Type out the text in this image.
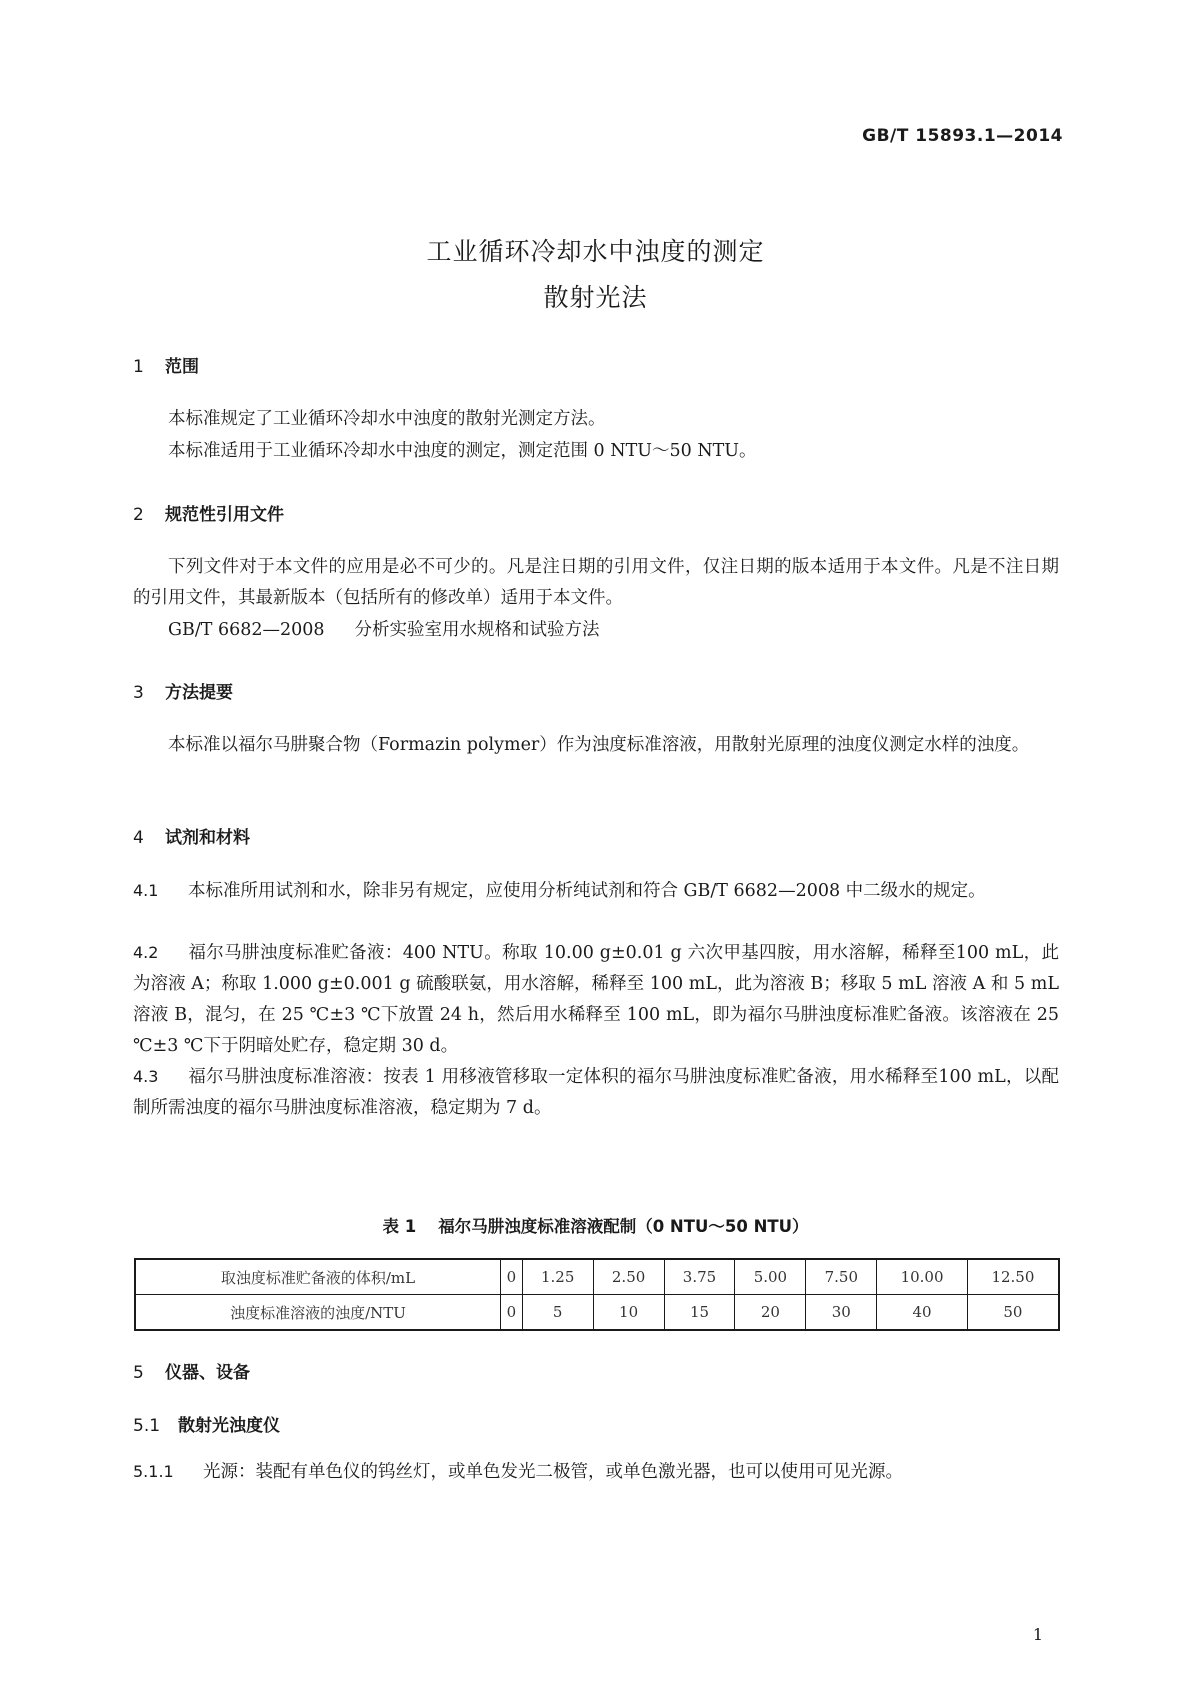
GB/T 15893.1—2014
工业循环冷却水中浊度的测定
散射光法
1 范围
本标准规定了工业循环冷却水中浊度的散射光测定方法。
本标准适用于工业循环冷却水中浊度的测定，测定范围 0 NTU～50 NTU。
2 规范性引用文件
下列文件对于本文件的应用是必不可少的。凡是注日期的引用文件，仅注日期的版本适用于本文件。凡是不注日期的引用文件，其最新版本（包括所有的修改单）适用于本文件。
GB/T 6682—2008 分析实验室用水规格和试验方法
3 方法提要
本标准以福尔马肼聚合物（Formazin polymer）作为浊度标准溶液，用散射光原理的浊度仪测定水样的浊度。
4 试剂和材料
4.1 本标准所用试剂和水，除非另有规定，应使用分析纯试剂和符合 GB/T 6682—2008 中二级水的规定。
4.2 福尔马肼浊度标准贮备液：400 NTU。称取 10.00 g±0.01 g 六次甲基四胺，用水溶解，稀释至100 mL，此为溶液 A；称取 1.000 g±0.001 g 硫酸联氨，用水溶解，稀释至 100 mL，此为溶液 B；移取 5 mL 溶液 A 和 5 mL 溶液 B，混匀，在 25 ℃±3 ℃下放置 24 h，然后用水稀释至 100 mL，即为福尔马肼浊度标准贮备液。该溶液在 25 ℃±3 ℃下于阴暗处贮存，稳定期 30 d。
4.3 福尔马肼浊度标准溶液：按表 1 用移液管移取一定体积的福尔马肼浊度标准贮备液，用水稀释至100 mL，以配制所需浊度的福尔马肼浊度标准溶液，稳定期为 7 d。
表 1 福尔马肼浊度标准溶液配制（0 NTU～50 NTU）
取浊度标准贮备液的体积/mL	0	1.25	2.50	3.75	5.00	7.50	10.00	12.50
浊度标准溶液的浊度/NTU	0	5	10	15	20	30	40	50
5 仪器、设备
5.1 散射光浊度仪
5.1.1 光源：装配有单色仪的钨丝灯，或单色发光二极管，或单色激光器，也可以使用可见光源。
1
